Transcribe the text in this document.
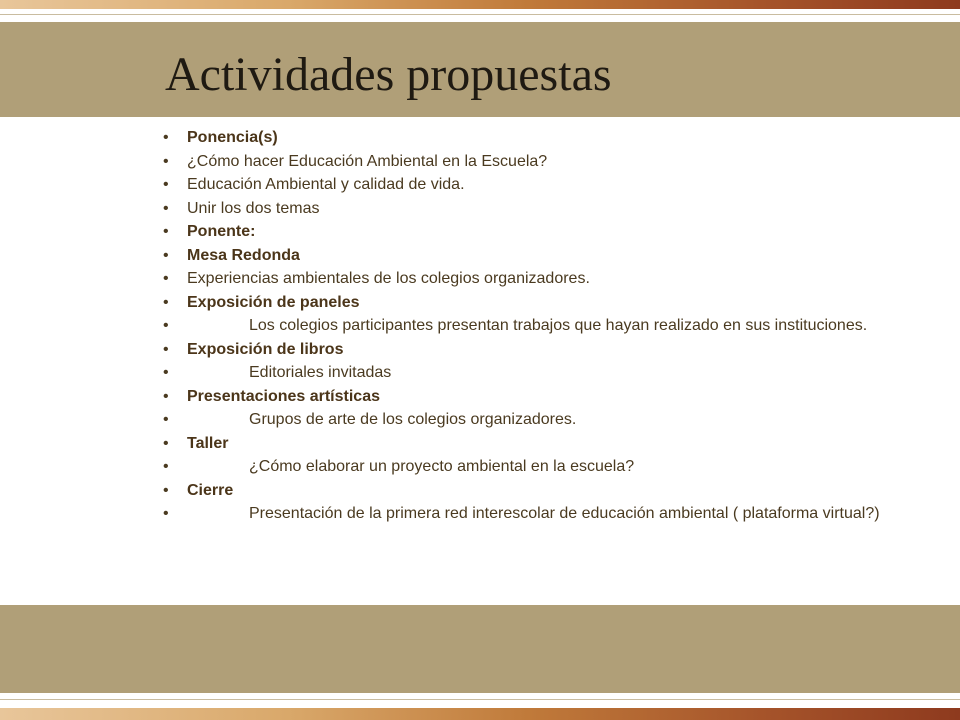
Actividades propuestas
• Ponencia(s)
• ¿Cómo hacer Educación Ambiental en la Escuela?
• Educación Ambiental y calidad de vida.
• Unir los dos temas
• Ponente:
• Mesa Redonda
• Experiencias ambientales de los colegios organizadores.
• Exposición de paneles
•	Los colegios participantes presentan trabajos que hayan realizado en sus instituciones.
• Exposición de libros
•	Editoriales invitadas
• Presentaciones artísticas
•	Grupos de arte de los colegios organizadores.
• Taller
•	¿Cómo elaborar un proyecto ambiental en la escuela?
• Cierre
•	Presentación de la primera red interescolar de educación ambiental ( plataforma virtual?)
